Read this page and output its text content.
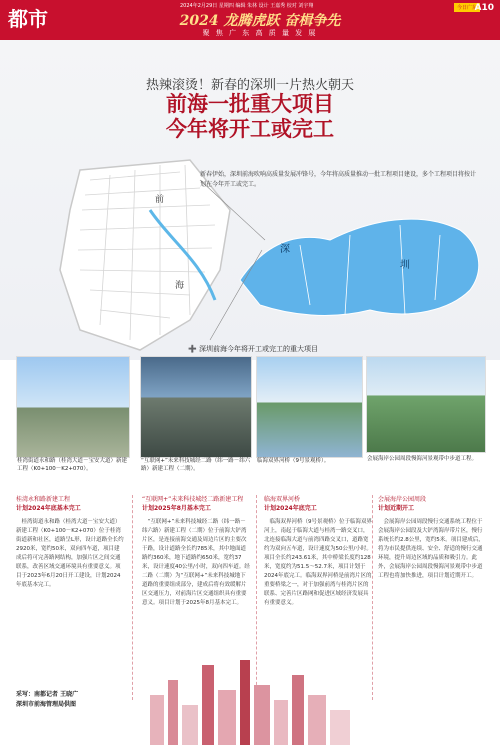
都市
2024年2月29日 星期四 编辑 朱林 设计 王嘉秀 校对 刘宇翔
2024 龙腾虎跃 奋楫争先
聚 焦 广 东 高 质 量 发 展
今日广东
A10
前
海
深
圳
热辣滚烫！新春的深圳一片热火朝天
前海一批重大项目
今年将开工或完工
新春伊始，深圳前海吹响高质量发展冲锋号，今年将高质量推动一批工程项目建设，多个工程项目将按计划在今年开工或完工。
➕ 深圳前海今年将开工或完工的重大项目
桂湾街道永和路（桂湾大道－宝安大道）新建工程（K0+100－K2+070）。
“互联网+”未来科技城经二路（纬一路－纬六路）新建工程（二期）。
临海双界河桥（9号景观桥）。	会展海岸公园周段慢海河景观带中步道工程。
桂湾永和路新建工程
计划2024年底基本完工

桂湾街道永和路（桂湾大道－宝安大道）新建工程（K0+100－K2+070）位于桂湾街道新和社区，道路呈L形，设计道路全长约2920米，宽约50米，双向四车道，项目建成后将可完善路网结构，加强片区之间交通联系，改善区域交通环境具有重要意义。项目于2023年6月20日开工建设，计划2024年底基本完工。

“互联网+”未来科技城经二路新建工程
计划2025年8月基本完工

“互联网+”未来科技城经二路（纬一路－纬六路）新建工程（二期）位于前海大铲湾片区，是连接前海交通及周边片区的主要次干路，设计道路全长约785米，其中地面道路约360米，地下道路约650米，宽约37米，设计速度40公里/小时，双向四车道。经二路（二期）为“互联网+”未来科技城地下道路的重要组成部分，建成后将有效缓解片区交通压力，对前海片区交通组织具有重要意义。项目计划于2025年8月基本完工。

临海双界河桥
计划2024年底完工

临海双界河桥（9号景观桥）位于临海双界河上，南起于临海大道与桂湾一路交叉口，北连接临海大道与前湾四路交叉口，道路宽约为双向五车道，设计速度为50公里/小时。项目全长约243.61米，其中桥梁长度约128米，宽度约为51.5～52.7米，项目计划于2024年底完工。临海双界河桥是前湾片区的重要桥梁之一，对于加强前湾与桂湾片区的联系、完善片区路网和促进区域经济发展具有重要意义。

会展海岸公园周段
计划近期开工

会展海岸公园周段慢行交通系统工程位于会展海岸公园段及大铲湾海岸带片区，慢行系统长约2.8公里，宽约5米。项目建成后，将为市民提供连续、安全、舒适的慢行交通环境，提升周边区域的品质和吸引力。此外，会展海岸公园周段慢海河景观带中步道工程也将加快推进，项目计划近期开工。

采写：南都记者 王晓广
深圳市前海管理局供图
